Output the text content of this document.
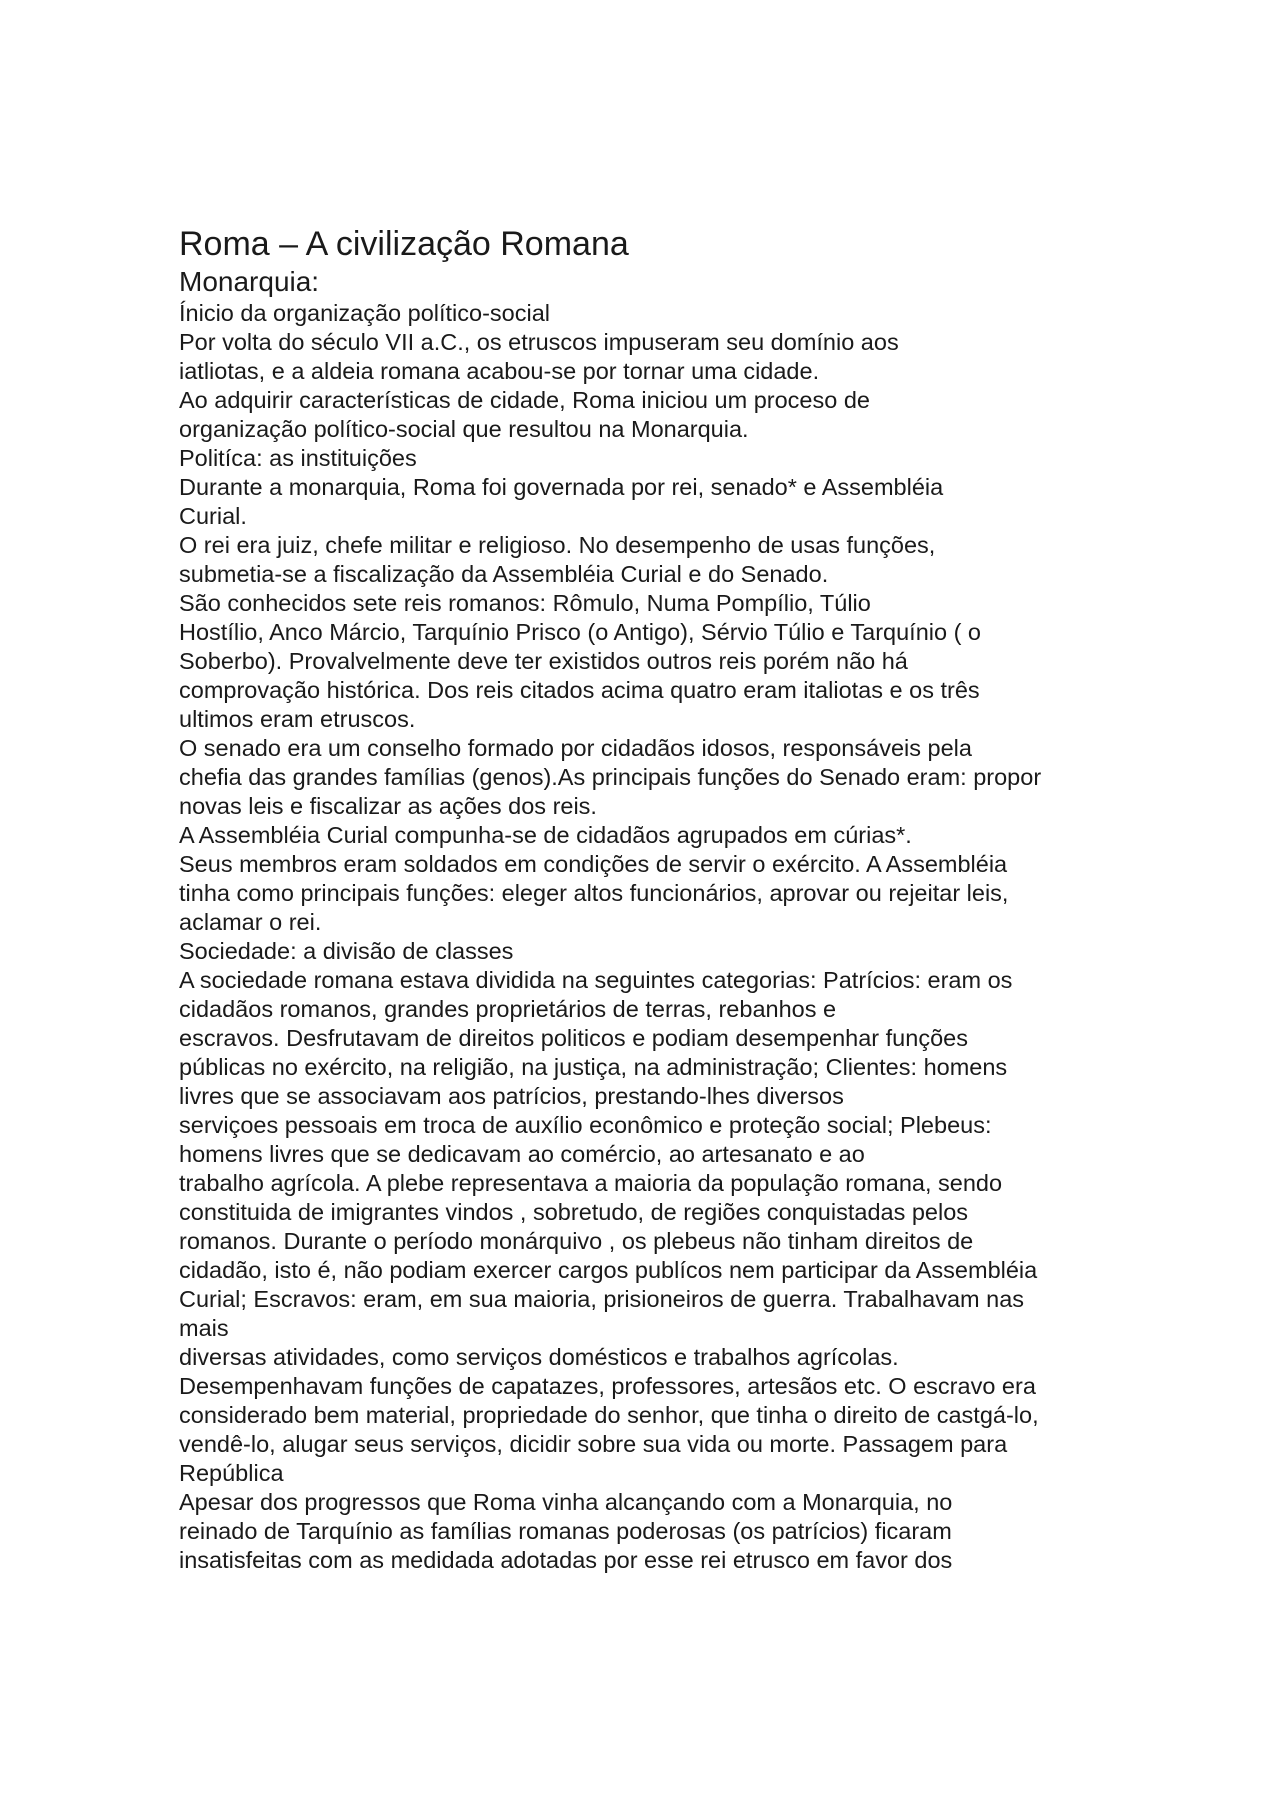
Roma – A civilização Romana
Monarquia:

Ínicio da organização político-social

Por volta do século VII a.C., os etruscos impuseram seu domínio aos

iatliotas, e a aldeia romana acabou-se por tornar uma cidade.

Ao adquirir características de cidade, Roma iniciou um proceso de

organização político-social que resultou na Monarquia.

Politíca: as instituições

Durante a monarquia, Roma foi governada por rei, senado* e Assembléia

Curial.

O rei era juiz, chefe militar e religioso. No desempenho de usas funções,

submetia-se a fiscalização da Assembléia Curial e do Senado.

São conhecidos sete reis romanos: Rômulo, Numa Pompílio, Túlio

Hostílio, Anco Márcio, Tarquínio Prisco (o Antigo), Sérvio Túlio e Tarquínio ( o

Soberbo). Provalvelmente deve ter existidos outros reis porém não há

comprovação histórica. Dos reis citados acima quatro eram italiotas e os três

ultimos eram etruscos.

O senado era um conselho formado por cidadãos idosos, responsáveis pela

chefia das grandes famílias (genos).As principais funções do Senado eram: propor

novas leis e fiscalizar as ações dos reis.

A Assembléia Curial compunha-se de cidadãos agrupados em cúrias*.

Seus membros eram soldados em condições de servir o exército. A Assembléia

tinha como principais funções: eleger altos funcionários, aprovar ou rejeitar leis,

aclamar o rei.

Sociedade: a divisão de classes

A sociedade romana estava dividida na seguintes categorias: Patrícios: eram os

cidadãos romanos, grandes proprietários de terras, rebanhos e

escravos. Desfrutavam de direitos politicos e podiam desempenhar funções

públicas no exército, na religião, na justiça, na administração; Clientes: homens

livres que se associavam aos patrícios, prestando-lhes diversos

serviçoes pessoais em troca de auxílio econômico e proteção social; Plebeus:

homens livres que se dedicavam ao comércio, ao artesanato e ao

trabalho agrícola. A plebe representava a maioria da população romana, sendo

constituida de imigrantes vindos , sobretudo, de regiões conquistadas pelos

romanos. Durante o período monárquivo , os plebeus não tinham direitos de

cidadão, isto é, não podiam exercer cargos publícos nem participar da Assembléia

Curial; Escravos: eram, em sua maioria, prisioneiros de guerra. Trabalhavam nas

mais

diversas atividades, como serviços domésticos e trabalhos agrícolas.

Desempenhavam funções de capatazes, professores, artesãos etc. O escravo era

considerado bem material, propriedade do senhor, que tinha o direito de castgá-lo,

vendê-lo, alugar seus serviços, dicidir sobre sua vida ou morte. Passagem para

República

Apesar dos progressos que Roma vinha alcançando com a Monarquia, no

reinado de Tarquínio as famílias romanas poderosas (os patrícios) ficaram

insatisfeitas com as medidada adotadas por esse rei etrusco em favor dos
